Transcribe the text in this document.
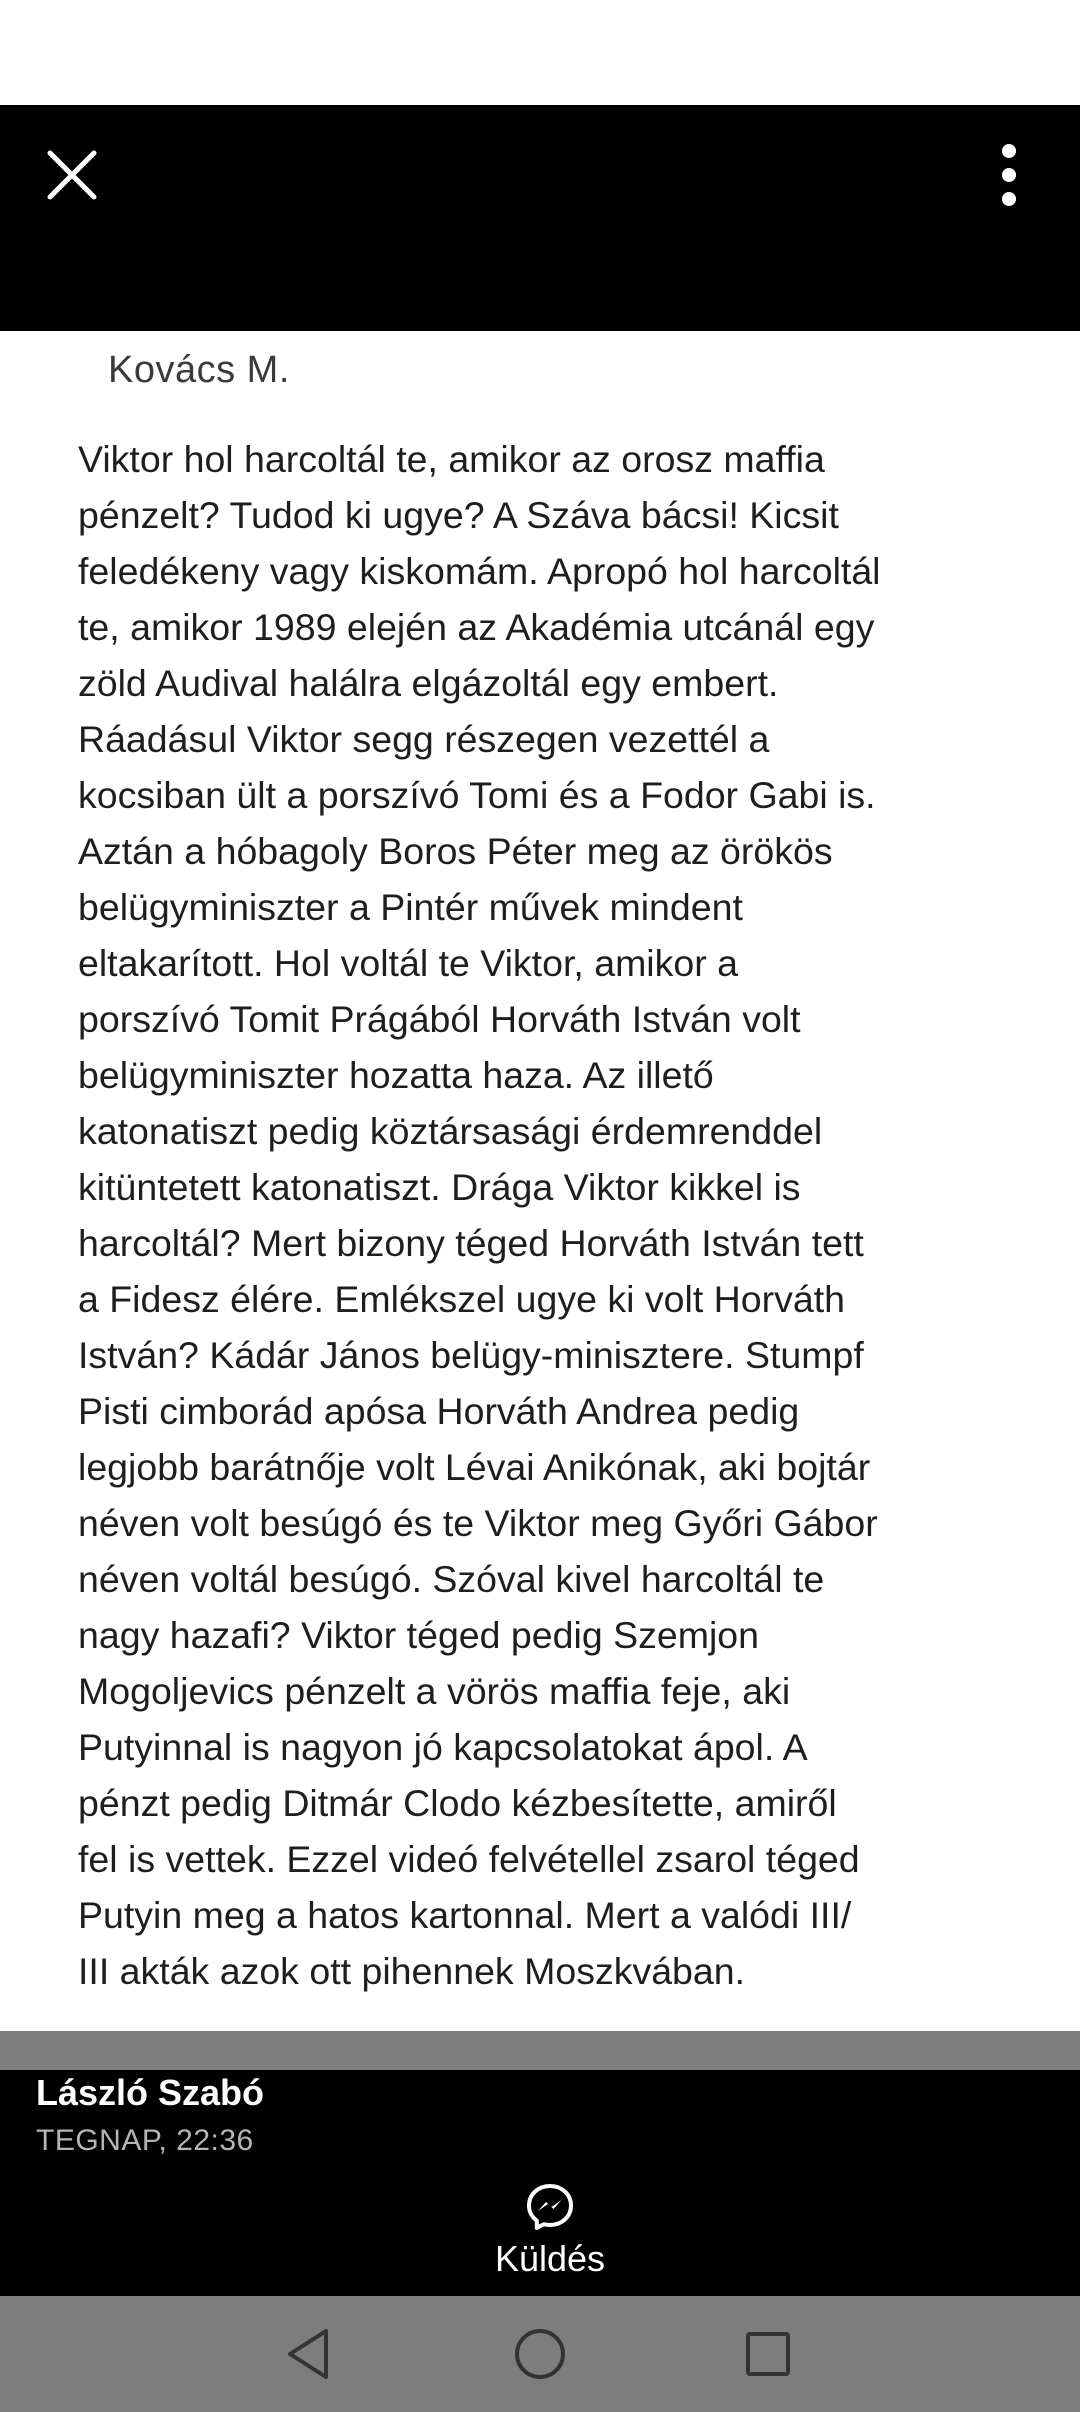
Kovács M.

Viktor hol harcoltál te, amikor az orosz maffia
pénzelt? Tudod ki ugye? A Száva bácsi! Kicsit
feledékeny vagy kiskomám. Apropó hol harcoltál
te, amikor 1989 elején az Akadémia utcánál egy
zöld Audival halálra elgázoltál egy embert.
Ráadásul Viktor segg részegen vezettél a
kocsiban ült a porszívó Tomi és a Fodor Gabi is.
Aztán a hóbagoly Boros Péter meg az örökös
belügyminiszter a Pintér művek mindent
eltakarított. Hol voltál te Viktor, amikor a
porszívó Tomit Prágából Horváth István volt
belügyminiszter hozatta haza. Az illető
katonatiszt pedig köztársasági érdemrenddel
kitüntetett katonatiszt. Drága Viktor kikkel is
harcoltál? Mert bizony téged Horváth István tett
a Fidesz élére. Emlékszel ugye ki volt Horváth
István? Kádár János belügy-minisztere. Stumpf
Pisti cimborád apósa Horváth Andrea pedig
legjobb barátnője volt Lévai Anikónak, aki bojtár
néven volt besúgó és te Viktor meg Győri Gábor
néven voltál besúgó. Szóval kivel harcoltál te
nagy hazafi? Viktor téged pedig Szemjon
Mogoljevics pénzelt a vörös maffia feje, aki
Putyinnal is nagyon jó kapcsolatokat ápol. A
pénzt pedig Ditmár Clodo kézbesítette, amiről
fel is vettek. Ezzel videó felvétellel zsarol téged
Putyin meg a hatos kartonnal. Mert a valódi III/
III akták azok ott pihennek Moszkvában.

László Szabó
TEGNAP, 22:36
Küldés
